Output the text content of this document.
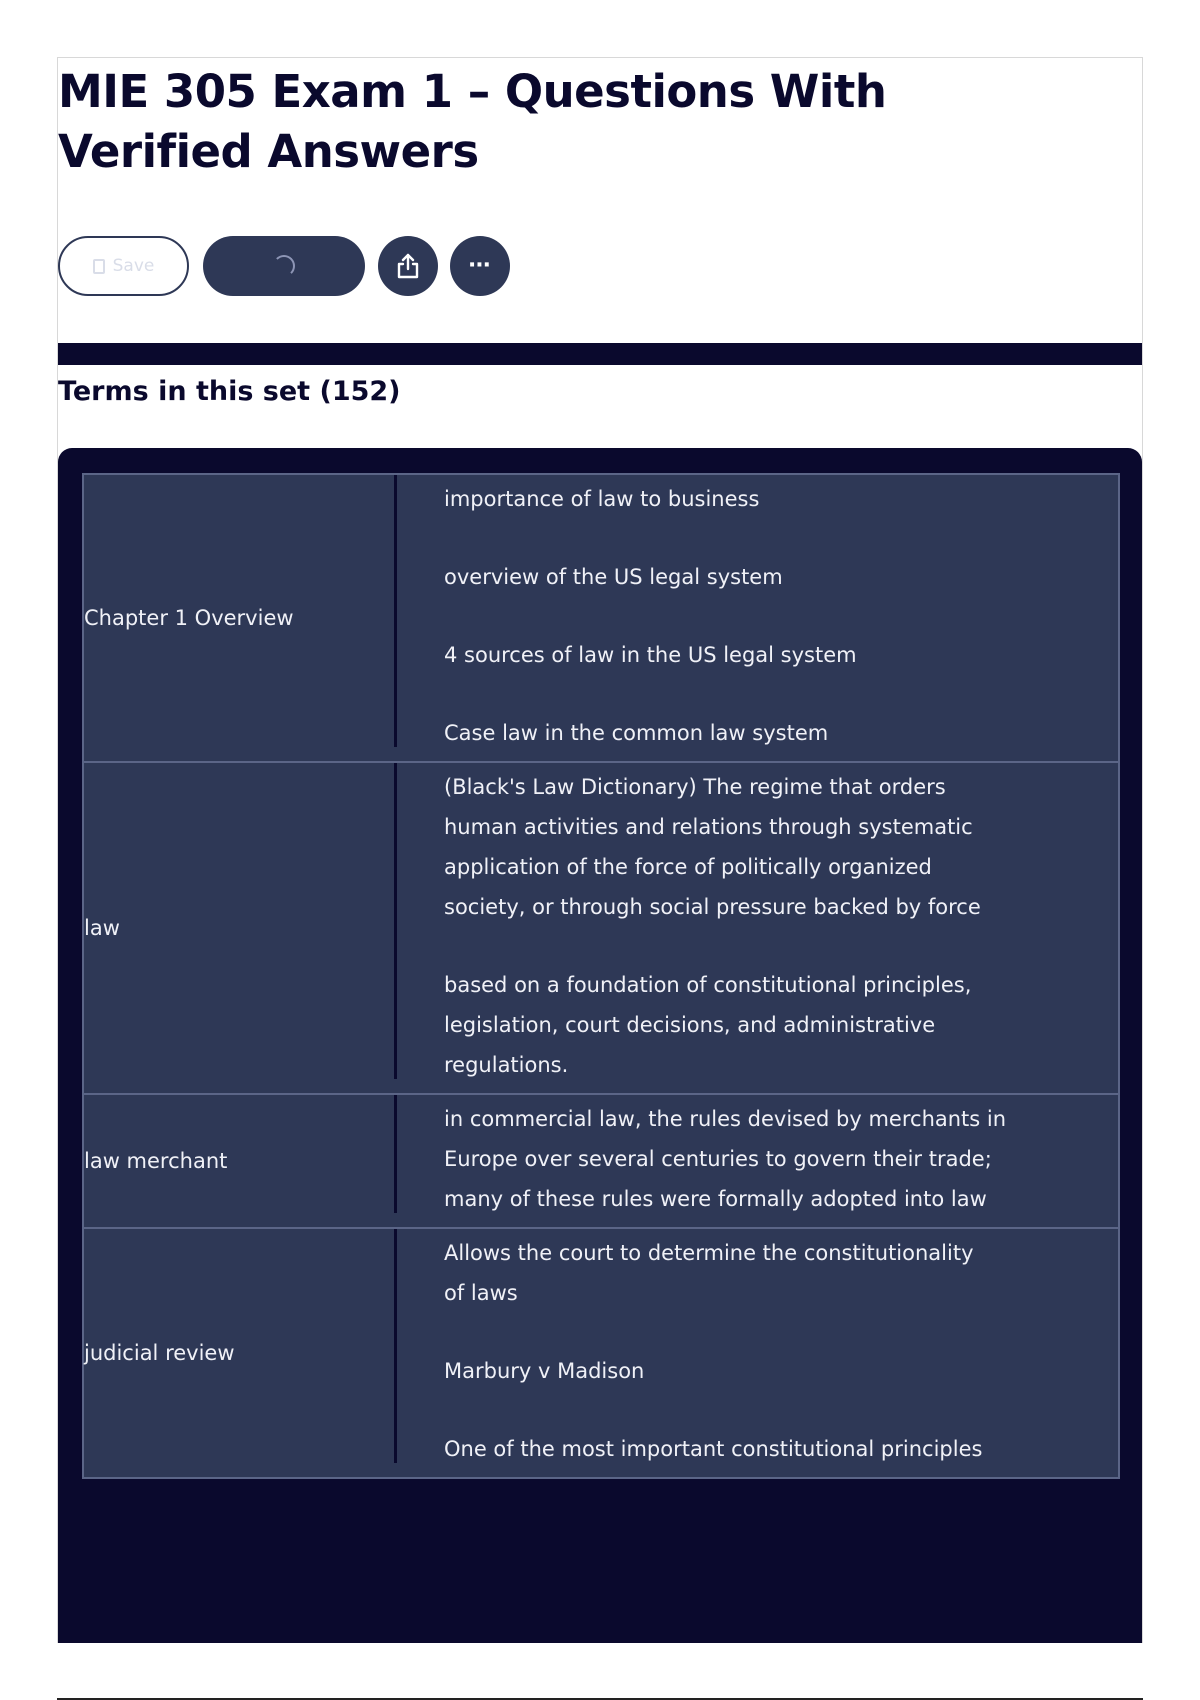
MIE 305 Exam 1 – Questions With Verified Answers
Save	⋯
Terms in this set (152)
Chapter 1 Overview
importance of law to business
overview of the US legal system
4 sources of law in the US legal system
Case law in the common law system
law
(Black's Law Dictionary) The regime that orders
human activities and relations through systematic
application of the force of politically organized
society, or through social pressure backed by force
based on a foundation of constitutional principles,
legislation, court decisions, and administrative
regulations.
law merchant
in commercial law, the rules devised by merchants in
Europe over several centuries to govern their trade;
many of these rules were formally adopted into law
judicial review
Allows the court to determine the constitutionality
of laws
Marbury v Madison
One of the most important constitutional principles
